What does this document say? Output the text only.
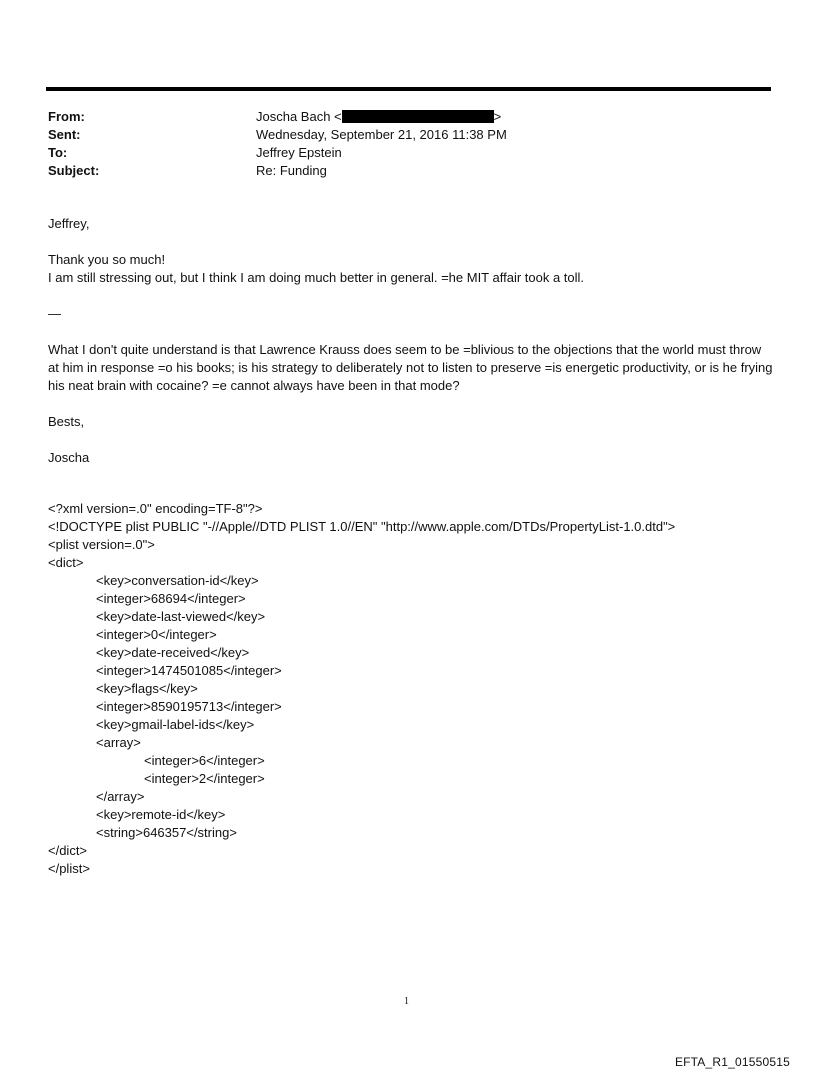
From:	Joscha Bach <	>
Sent:	Wednesday, September 21, 2016 11:38 PM
To:	Jeffrey Epstein
Subject:	Re: Funding

Jeffrey,

Thank you so much!

I am still stressing out, but I think I am doing much better in general. =he MIT affair took a toll.

—

What I don't quite understand is that Lawrence Krauss does seem to be =blivious to the objections that the world must throw at him in response =o his books; is his strategy to deliberately not to listen to preserve =is energetic productivity, or is he frying his neat brain with cocaine? =e cannot always have been in that mode?

Bests,

Joscha

<?xml version=.0" encoding=TF-8"?>
<!DOCTYPE plist PUBLIC "-//Apple//DTD PLIST 1.0//EN" "http://www.apple.com/DTDs/PropertyList-1.0.dtd">
<plist version=.0">
<dict>
<key>conversation-id</key>
<integer>68694</integer>
<key>date-last-viewed</key>
<integer>0</integer>
<key>date-received</key>
<integer>1474501085</integer>
<key>flags</key>
<integer>8590195713</integer>
<key>gmail-label-ids</key>
<array>
<integer>6</integer>
<integer>2</integer>
</array>
<key>remote-id</key>
<string>646357</string>
</dict>
</plist>
1
EFTA_R1_01550515
